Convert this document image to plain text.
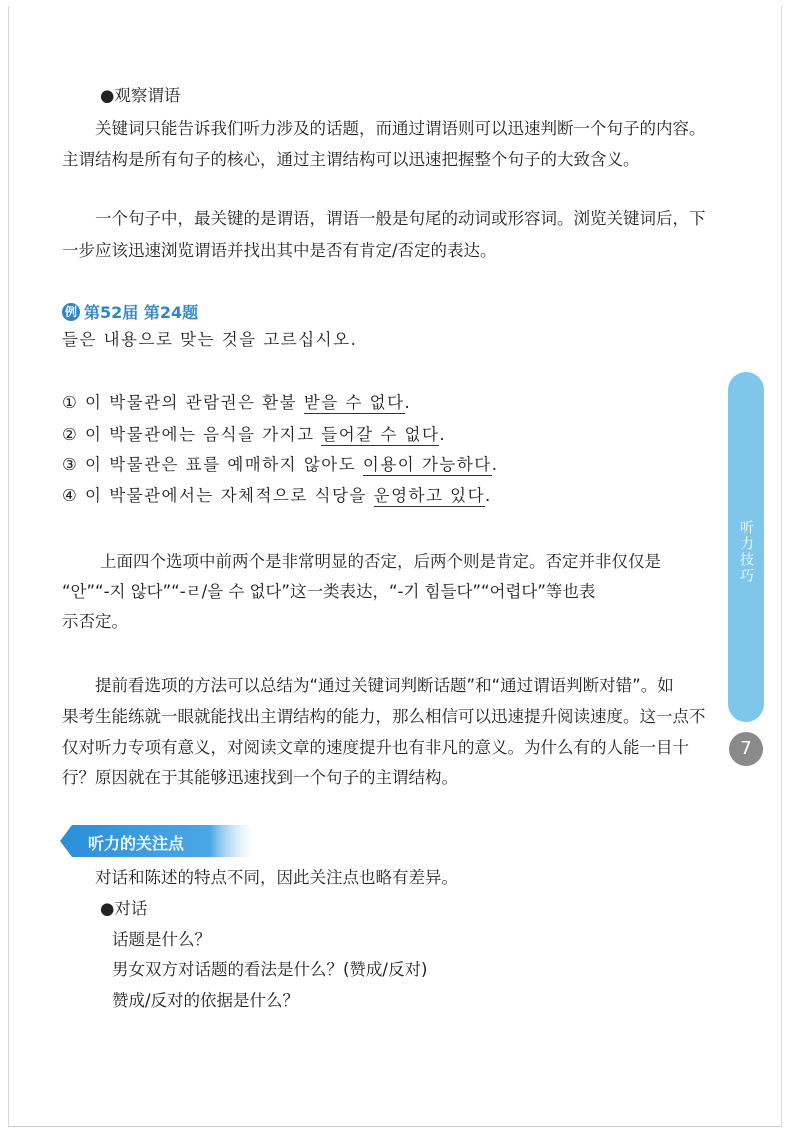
●观察谓语
关键词只能告诉我们听力涉及的话题，而通过谓语则可以迅速判断一个句子的内容。
主谓结构是所有句子的核心，通过主谓结构可以迅速把握整个句子的大致含义。
一个句子中，最关键的是谓语，谓语一般是句尾的动词或形容词。浏览关键词后，下
一步应该迅速浏览谓语并找出其中是否有肯定/否定的表达。
例 第52届 第24题
들은 내용으로 맞는 것을 고르십시오.
① 이 박물관의 관람권은 환불 받을 수 없다.
② 이 박물관에는 음식을 가지고 들어갈 수 없다.
③ 이 박물관은 표를 예매하지 않아도 이용이 가능하다.
④ 이 박물관에서는 자체적으로 식당을 운영하고 있다.
上面四个选项中前两个是非常明显的否定，后两个则是肯定。否定并非仅仅是
“안”“-지 않다”“-ㄹ/을 수 없다”这一类表达，“-기 힘들다”“어렵다”等也表
示否定。
提前看选项的方法可以总结为“通过关键词判断话题”和“通过谓语判断对错”。如
果考生能练就一眼就能找出主谓结构的能力，那么相信可以迅速提升阅读速度。这一点不
仅对听力专项有意义，对阅读文章的速度提升也有非凡的意义。为什么有的人能一目十
行？原因就在于其能够迅速找到一个句子的主谓结构。
听力的关注点
对话和陈述的特点不同，因此关注点也略有差异。
●对话
话题是什么？
男女双方对话题的看法是什么？(赞成/反对)
赞成/反对的依据是什么？
听力技巧
7
